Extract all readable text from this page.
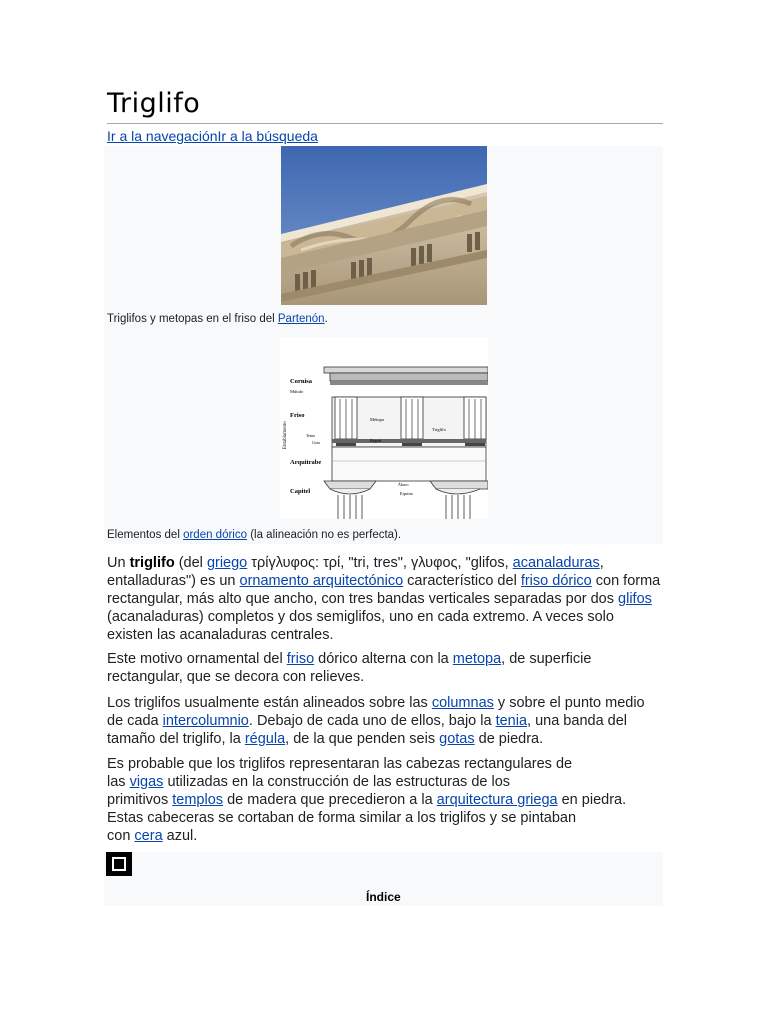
Triglifo
Ir a la navegaciónIr a la búsqueda
Triglifos y metopas en el friso del Partenón.
Cornisa
Mútulo
Friso
Métopa
Triglifo
Tenia
Gota	Régula
Entablamento
Arquitrabe
Capitel
Ábaco
Equino
Elementos del orden dórico (la alineación no es perfecta).
Un triglifo (del griego τρίγλυφος: τρί, "tri, tres", γλυφος, "glifos, acanaladuras, entalladuras") es un ornamento arquitectónico característico del friso dórico con forma rectangular, más alto que ancho, con tres bandas verticales separadas por dos glifos (acanaladuras) completos y dos semiglifos, uno en cada extremo. A veces solo existen las acanaladuras centrales.
Este motivo ornamental del friso dórico alterna con la metopa, de superficie rectangular, que se decora con relieves.
Los triglifos usualmente están alineados sobre las columnas y sobre el punto medio de cada intercolumnio. Debajo de cada uno de ellos, bajo la tenia, una banda del tamaño del triglifo, la régula, de la que penden seis gotas de piedra.
Es probable que los triglifos representaran las cabezas rectangulares de
las vigas utilizadas en la construcción de las estructuras de los
primitivos templos de madera que precedieron a la arquitectura griega en piedra.
Estas cabeceras se cortaban de forma similar a los triglifos y se pintaban
con cera azul.
Índice
